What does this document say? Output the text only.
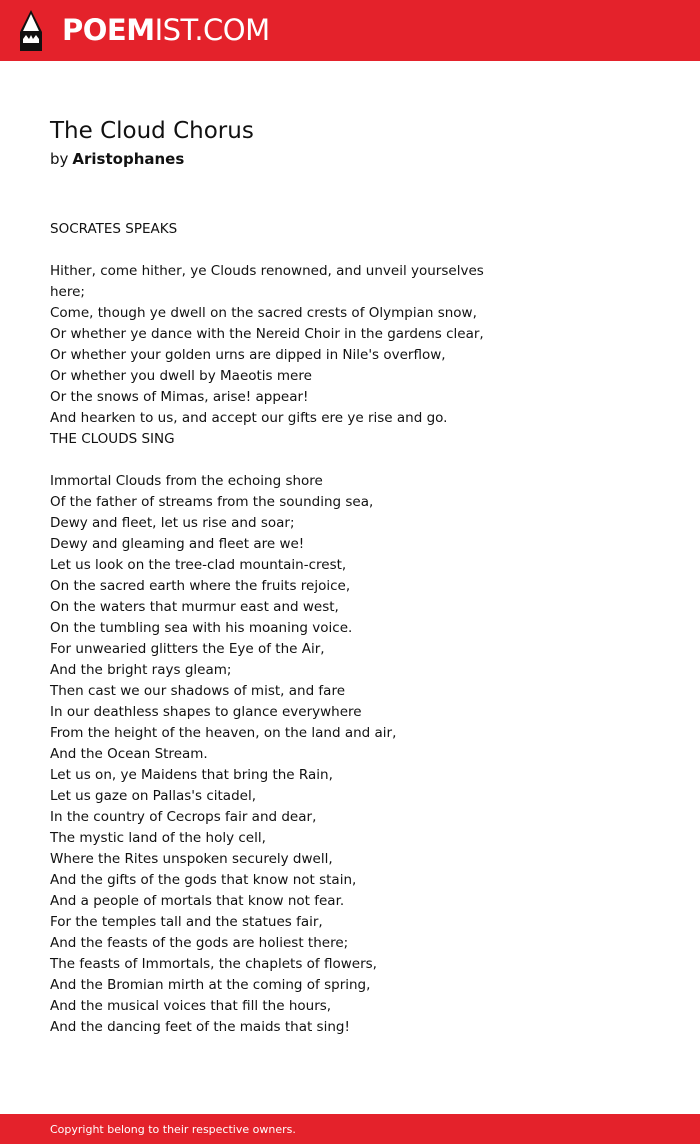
POEMIST.COM
The Cloud Chorus
by Aristophanes
SOCRATES SPEAKS
Hither, come hither, ye Clouds renowned, and unveil yourselves
here;
Come, though ye dwell on the sacred crests of Olympian snow,
Or whether ye dance with the Nereid Choir in the gardens clear,
Or whether your golden urns are dipped in Nile's overflow,
Or whether you dwell by Maeotis mere
Or the snows of Mimas, arise! appear!
And hearken to us, and accept our gifts ere ye rise and go.
THE CLOUDS SING
Immortal Clouds from the echoing shore
Of the father of streams from the sounding sea,
Dewy and fleet, let us rise and soar;
Dewy and gleaming and fleet are we!
Let us look on the tree-clad mountain-crest,
On the sacred earth where the fruits rejoice,
On the waters that murmur east and west,
On the tumbling sea with his moaning voice.
For unwearied glitters the Eye of the Air,
And the bright rays gleam;
Then cast we our shadows of mist, and fare
In our deathless shapes to glance everywhere
From the height of the heaven, on the land and air,
And the Ocean Stream.
Let us on, ye Maidens that bring the Rain,
Let us gaze on Pallas's citadel,
In the country of Cecrops fair and dear,
The mystic land of the holy cell,
Where the Rites unspoken securely dwell,
And the gifts of the gods that know not stain,
And a people of mortals that know not fear.
For the temples tall and the statues fair,
And the feasts of the gods are holiest there;
The feasts of Immortals, the chaplets of flowers,
And the Bromian mirth at the coming of spring,
And the musical voices that fill the hours,
And the dancing feet of the maids that sing!
Copyright belong to their respective owners.
